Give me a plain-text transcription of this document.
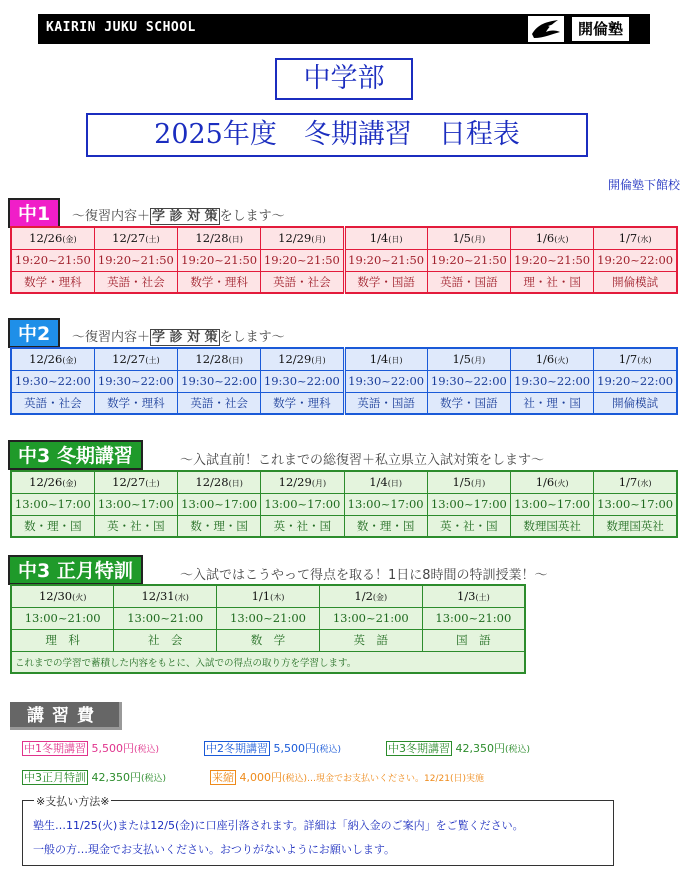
KAIRIN JUKU SCHOOL	開倫塾
中学部
2025年度　冬期講習　日程表
開倫塾下館校
中1	～復習内容＋ 学 診 対 策 をします～
12/26(金)	12/27(土)	12/28(日)	12/29(月)	1/4(日)	1/5(月)	1/6(火)	1/7(水)
19:20~21:50	19:20~21:50	19:20~21:50	19:20~21:50	19:20~21:50	19:20~21:50	19:20~21:50	19:20~22:00
数学・理科	英語・社会	数学・理科	英語・社会	数学・国語	英語・国語	理・社・国	開倫模試
中2	～復習内容＋ 学 診 対 策 をします～
12/26(金)	12/27(土)	12/28(日)	12/29(月)	1/4(日)	1/5(月)	1/6(火)	1/7(水)
19:30~22:00	19:30~22:00	19:30~22:00	19:30~22:00	19:30~22:00	19:30~22:00	19:30~22:00	19:20~22:00
英語・社会	数学・理科	英語・社会	数学・理科	英語・国語	数学・国語	社・理・国	開倫模試
中3 冬期講習	～入試直前！これまでの総復習＋私立県立入試対策をします～
12/26(金)	12/27(土)	12/28(日)	12/29(月)	1/4(日)	1/5(月)	1/6(火)	1/7(水)
13:00~17:00	13:00~17:00	13:00~17:00	13:00~17:00	13:00~17:00	13:00~17:00	13:00~17:00	13:00~17:00
数・理・国	英・社・国	数・理・国	英・社・国	数・理・国	英・社・国	数理国英社	数理国英社
中3 正月特訓	～入試ではこうやって得点を取る！1日に8時間の特訓授業！～
12/30(火)	12/31(水)	1/1(木)	1/2(金)	1/3(土)
13:00~21:00	13:00~21:00	13:00~21:00	13:00~21:00	13:00~21:00
理　科	社　会	数　学	英　語	国　語
これまでの学習で蓄積した内容をもとに、入試での得点の取り方を学習します。				
講習費
中1冬期講習 5,500円(税込)	中2冬期講習 5,500円(税込)	中3冬期講習 42,350円(税込)
中3正月特訓 42,350円(税込)	来縮 4,000円(税込)…現金でお支払いください。12/21(日)実施
塾生…11/25(火)または12/5(金)に口座引落されます。詳細は「納入金のご案内」をご覧ください。
一般の方…現金でお支払いください。おつりがないようにお願いします。
※支払い方法※
